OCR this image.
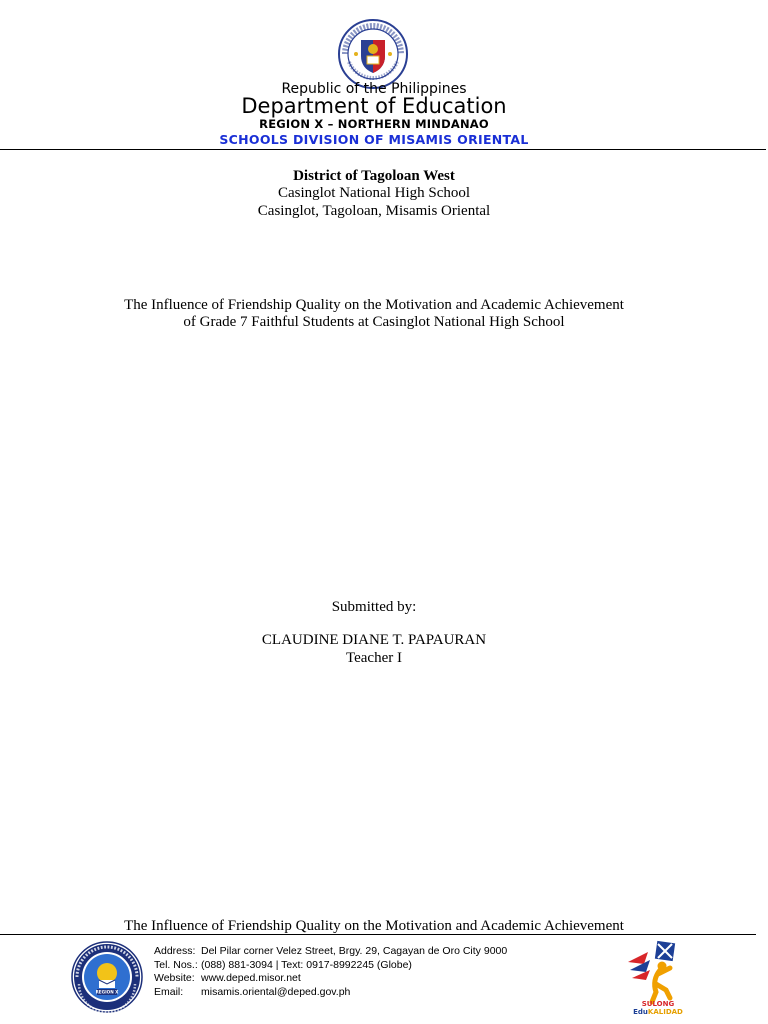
Republic of the Philippines
Department of Education
REGION X – NORTHERN MINDANAO
SCHOOLS DIVISION OF MISAMIS ORIENTAL
District of Tagoloan West
Casinglot National High School
Casinglot, Tagoloan, Misamis Oriental
The Influence of Friendship Quality on the Motivation and Academic Achievement
of Grade 7 Faithful Students at Casinglot National High School
Submitted by:
CLAUDINE DIANE T. PAPAURAN
Teacher I
The Influence of Friendship Quality on the Motivation and Academic Achievement
REGION X
Address: Del Pilar corner Velez Street, Brgy. 29, Cagayan de Oro City 9000
Tel. Nos.: (088) 881-3094 | Text: 0917-8992245 (Globe)
Website: www.deped.misor.net
Email: misamis.oriental@deped.gov.ph
SULONG
EduKALIDAD
